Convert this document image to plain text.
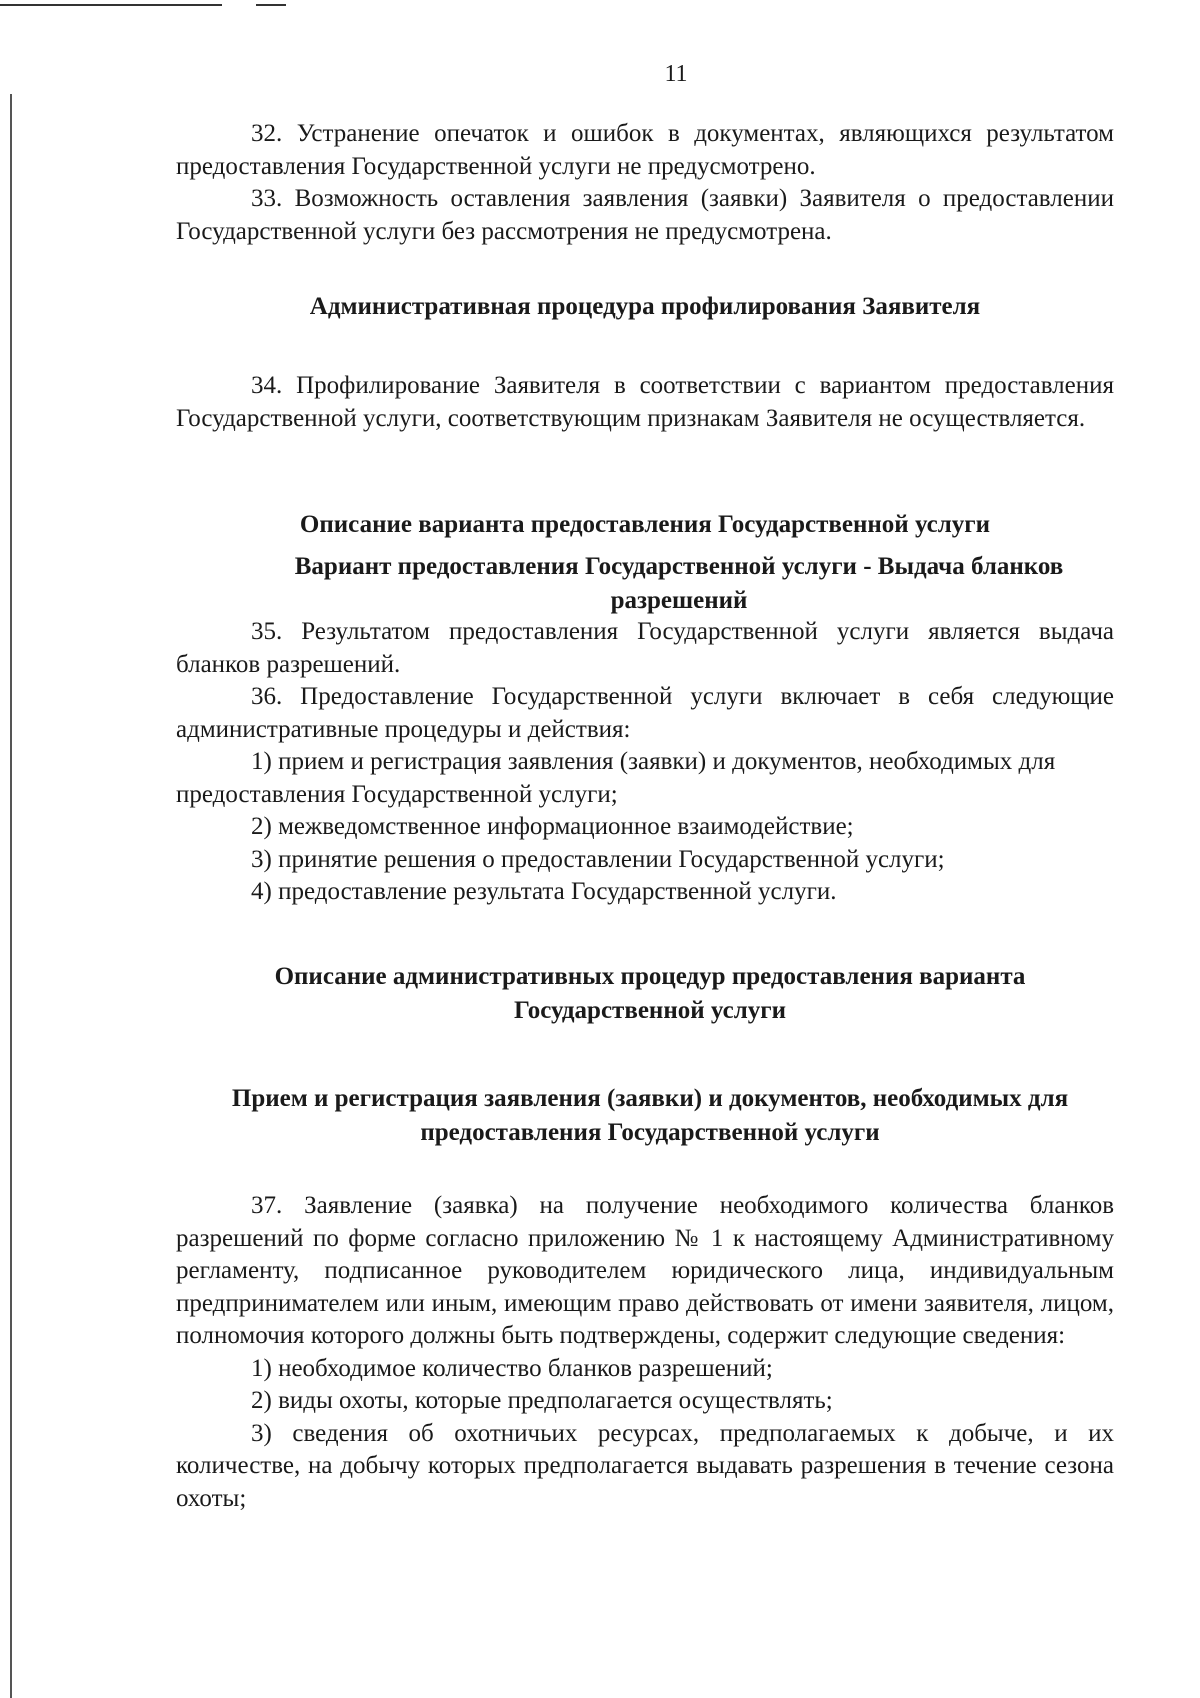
11

32. Устранение опечаток и ошибок в документах, являющихся результатом предоставления Государственной услуги не предусмотрено.

33. Возможность оставления заявления (заявки) Заявителя о предоставлении Государственной услуги без рассмотрения не предусмотрена.

Административная процедура профилирования Заявителя

34. Профилирование Заявителя в соответствии с вариантом предоставления Государственной услуги, соответствующим признакам Заявителя не осуществляется.

Описание варианта предоставления Государственной услуги
Вариант предоставления Государственной услуги - Выдача бланков разрешений

35. Результатом предоставления Государственной услуги является выдача бланков разрешений.

36. Предоставление Государственной услуги включает в себя следующие административные процедуры и действия:

1) прием и регистрация заявления (заявки) и документов, необходимых для предоставления Государственной услуги;

2) межведомственное информационное взаимодействие;

3) принятие решения о предоставлении Государственной услуги;

4) предоставление результата Государственной услуги.

Описание административных процедур предоставления варианта Государственной услуги
Прием и регистрация заявления (заявки) и документов, необходимых для предоставления Государственной услуги

37. Заявление (заявка) на получение необходимого количества бланков разрешений по форме согласно приложению № 1 к настоящему Административному регламенту, подписанное руководителем юридического лица, индивидуальным предпринимателем или иным, имеющим право действовать от имени заявителя, лицом, полномочия которого должны быть подтверждены, содержит следующие сведения:

1) необходимое количество бланков разрешений;

2) виды охоты, которые предполагается осуществлять;

3) сведения об охотничьих ресурсах, предполагаемых к добыче, и их количестве, на добычу которых предполагается выдавать разрешения в течение сезона охоты;
